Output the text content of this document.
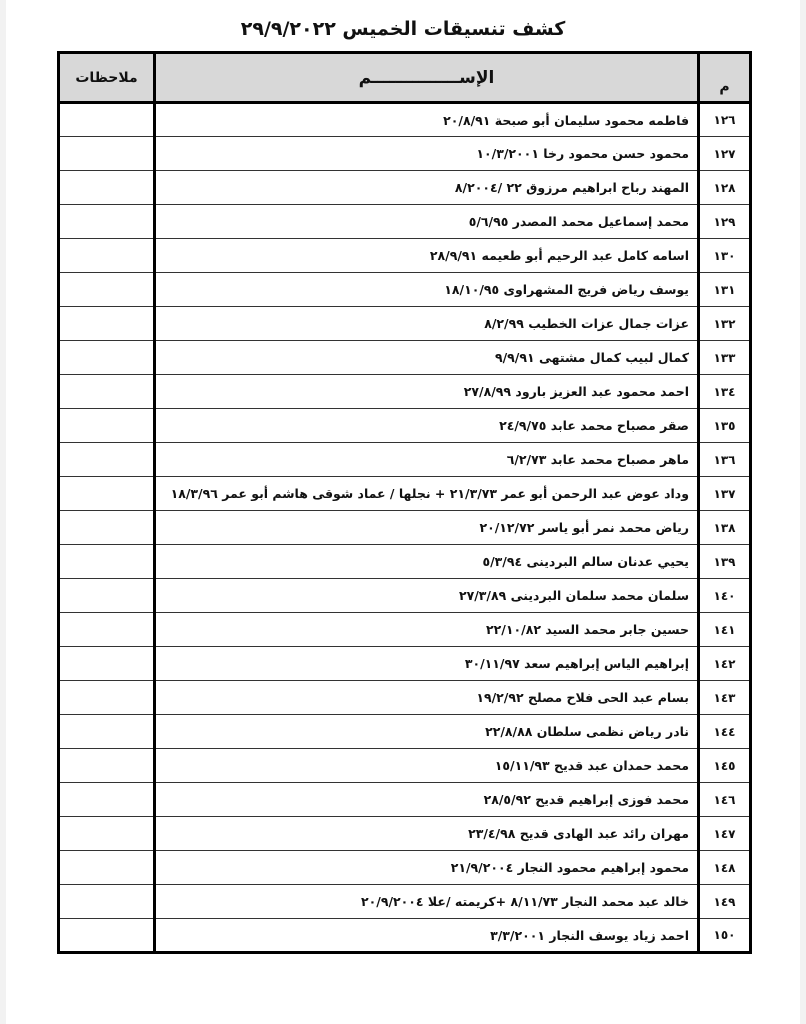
كشف تنسيقات الخميس ٢٩/٩/٢٠٢٢
ملاحظات	الإســـــــــــــــم	م
	فاطمه محمود سليمان أبو صبحة ٢٠/٨/٩١	١٢٦
	محمود حسن محمود رخا ١٠/٣/٢٠٠١	١٢٧
	المهند رباح ابراهيم مرزوق ٢٢ /٨/٢٠٠٤	١٢٨
	محمد إسماعيل محمد المصدر ٥/٦/٩٥	١٢٩
	اسامه كامل عبد الرحيم أبو طعيمه ٢٨/٩/٩١	١٣٠
	يوسف رياض فريج المشهراوى ١٨/١٠/٩٥	١٣١
	عزات جمال عزات الخطيب ٨/٢/٩٩	١٣٢
	كمال لبيب كمال مشتهى ٩/٩/٩١	١٣٣
	احمد محمود عبد العزيز بارود ٢٧/٨/٩٩	١٣٤
	صقر مصباح محمد عابد ٢٤/٩/٧٥	١٣٥
	ماهر مصباح محمد عابد ٦/٢/٧٣	١٣٦
	وداد عوض عبد الرحمن أبو عمر ٢١/٣/٧٣ + نجلها / عماد شوقى هاشم أبو عمر ١٨/٣/٩٦	١٣٧
	رياض محمد نمر أبو ياسر ٢٠/١٢/٧٢	١٣٨
	يحيي عدنان سالم البردينى ٥/٣/٩٤	١٣٩
	سلمان محمد سلمان البردينى ٢٧/٣/٨٩	١٤٠
	حسين جابر محمد السيد ٢٢/١٠/٨٢	١٤١
	إبراهيم الياس إبراهيم سعد ٣٠/١١/٩٧	١٤٢
	بسام عبد الحى فلاح مصلح ١٩/٢/٩٢	١٤٣
	نادر رياض نظمى سلطان ٢٢/٨/٨٨	١٤٤
	محمد حمدان عبد قديح ١٥/١١/٩٣	١٤٥
	محمد فوزى إبراهيم قديح ٢٨/٥/٩٢	١٤٦
	مهران رائد عبد الهادى قديح ٢٣/٤/٩٨	١٤٧
	محمود إبراهيم محمود النجار ٢١/٩/٢٠٠٤	١٤٨
	خالد عبد محمد النجار ٨/١١/٧٣ +كريمته /علا ٢٠/٩/٢٠٠٤	١٤٩
	احمد زياد يوسف النجار ٣/٣/٢٠٠١	١٥٠
